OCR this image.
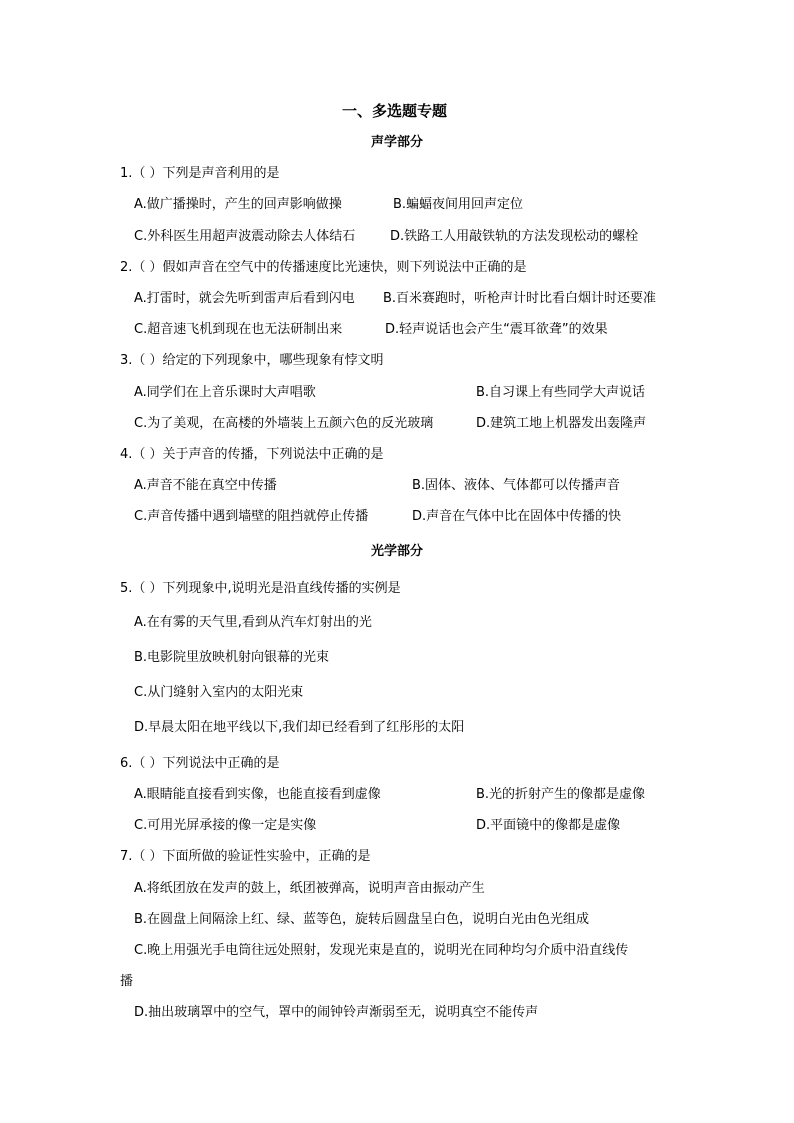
一、多选题专题
声学部分
1.（ ）下列是声音利用的是
A.做广播操时，产生的回声影响做操	B.蝙蝠夜间用回声定位
C.外科医生用超声波震动除去人体结石	D.铁路工人用敲铁轨的方法发现松动的螺栓
2.（ ）假如声音在空气中的传播速度比光速快，则下列说法中正确的是
A.打雷时，就会先听到雷声后看到闪电 B.百米赛跑时，听枪声计时比看白烟计时还要准
C.超音速飞机到现在也无法研制出来	D.轻声说话也会产生“震耳欲聋”的效果
3.（ ）给定的下列现象中，哪些现象有悖文明
A.同学们在上音乐课时大声唱歌	B.自习课上有些同学大声说话
C.为了美观，在高楼的外墙装上五颜六色的反光玻璃	D.建筑工地上机器发出轰隆声
4.（ ）关于声音的传播，下列说法中正确的是
A.声音不能在真空中传播	B.固体、液体、气体都可以传播声音
C.声音传播中遇到墙壁的阻挡就停止传播	D.声音在气体中比在固体中传播的快
光学部分
5.（ ）下列现象中,说明光是沿直线传播的实例是
A.在有雾的天气里,看到从汽车灯射出的光
B.电影院里放映机射向银幕的光束
C.从门缝射入室内的太阳光束
D.早晨太阳在地平线以下,我们却已经看到了红彤彤的太阳
6.（ ）下列说法中正确的是
A.眼睛能直接看到实像，也能直接看到虚像	B.光的折射产生的像都是虚像
C.可用光屏承接的像一定是实像	D.平面镜中的像都是虚像
7.（ ）下面所做的验证性实验中，正确的是
A.将纸团放在发声的鼓上，纸团被弹高，说明声音由振动产生
B.在圆盘上间隔涂上红、绿、蓝等色，旋转后圆盘呈白色，说明白光由色光组成
C.晚上用强光手电筒往远处照射，发现光束是直的，说明光在同种均匀介质中沿直线传
播
D.抽出玻璃罩中的空气，罩中的闹钟铃声渐弱至无，说明真空不能传声
